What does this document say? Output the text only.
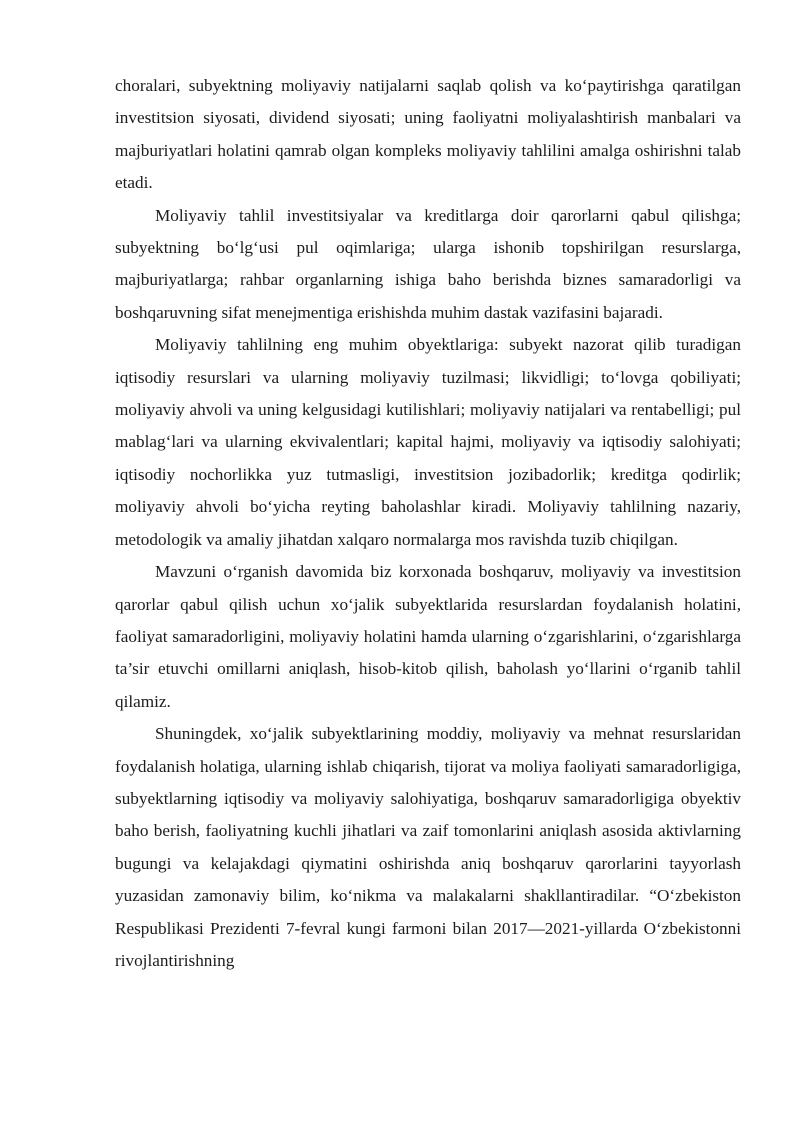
choralari, subyektning moliyaviy natijalarni saqlab qolish va ko‘paytirishga qaratilgan investitsion siyosati, dividend siyosati; uning faoliyatni moliyalashtirish manbalari va majburiyatlari holatini qamrab olgan kompleks moliyaviy tahlilini amalga oshirishni talab etadi.

Moliyaviy tahlil investitsiyalar va kreditlarga doir qarorlarni qabul qilishga; subyektning bo‘lg‘usi pul oqimlariga; ularga ishonib topshirilgan resurslarga, majburiyatlarga; rahbar organlarning ishiga baho berishda biznes samaradorligi va boshqaruvning sifat menejmentiga erishishda muhim dastak vazifasini bajaradi.

Moliyaviy tahlilning eng muhim obyektlariga: subyekt nazorat qilib turadigan iqtisodiy resurslari va ularning moliyaviy tuzilmasi; likvidligi; to‘lovga qobiliyati; moliyaviy ahvoli va uning kelgusidagi kutilishlari; moliyaviy natijalari va rentabelligi; pul mablag‘lari va ularning ekvivalentlari; kapital hajmi, moliyaviy va iqtisodiy salohiyati; iqtisodiy nochorlikka yuz tutmasligi, investitsion jozibadorlik; kreditga qodirlik; moliyaviy ahvoli bo‘yicha reyting baholashlar kiradi. Moliyaviy tahlilning nazariy, metodologik va amaliy jihatdan xalqaro normalarga mos ravishda tuzib chiqilgan.

Mavzuni o‘rganish davomida biz korxonada boshqaruv, moliyaviy va investitsion qarorlar qabul qilish uchun xo‘jalik subyektlarida resurslardan foydalanish holatini, faoliyat samaradorligini, moliyaviy holatini hamda ularning o‘zgarishlarini, o‘zgarishlarga ta’sir etuvchi omillarni aniqlash, hisob-kitob qilish, baholash yo‘llarini o‘rganib tahlil qilamiz.

Shuningdek, xo‘jalik subyektlarining moddiy, moliyaviy va mehnat resurslaridan foydalanish holatiga, ularning ishlab chiqarish, tijorat va moliya faoliyati samaradorligiga, subyektlarning iqtisodiy va moliyaviy salohiyatiga, boshqaruv samaradorligiga obyektiv baho berish, faoliyatning kuchli jihatlari va zaif tomonlarini aniqlash asosida aktivlarning bugungi va kelajakdagi qiymatini oshirishda aniq boshqaruv qarorlarini tayyorlash yuzasidan zamonaviy bilim, ko‘nikma va malakalarni shakllantiradilar. “O‘zbekiston Respublikasi Prezidenti 7-fevral kungi farmoni bilan 2017—2021-yillarda O‘zbekistonni rivojlantirishning
